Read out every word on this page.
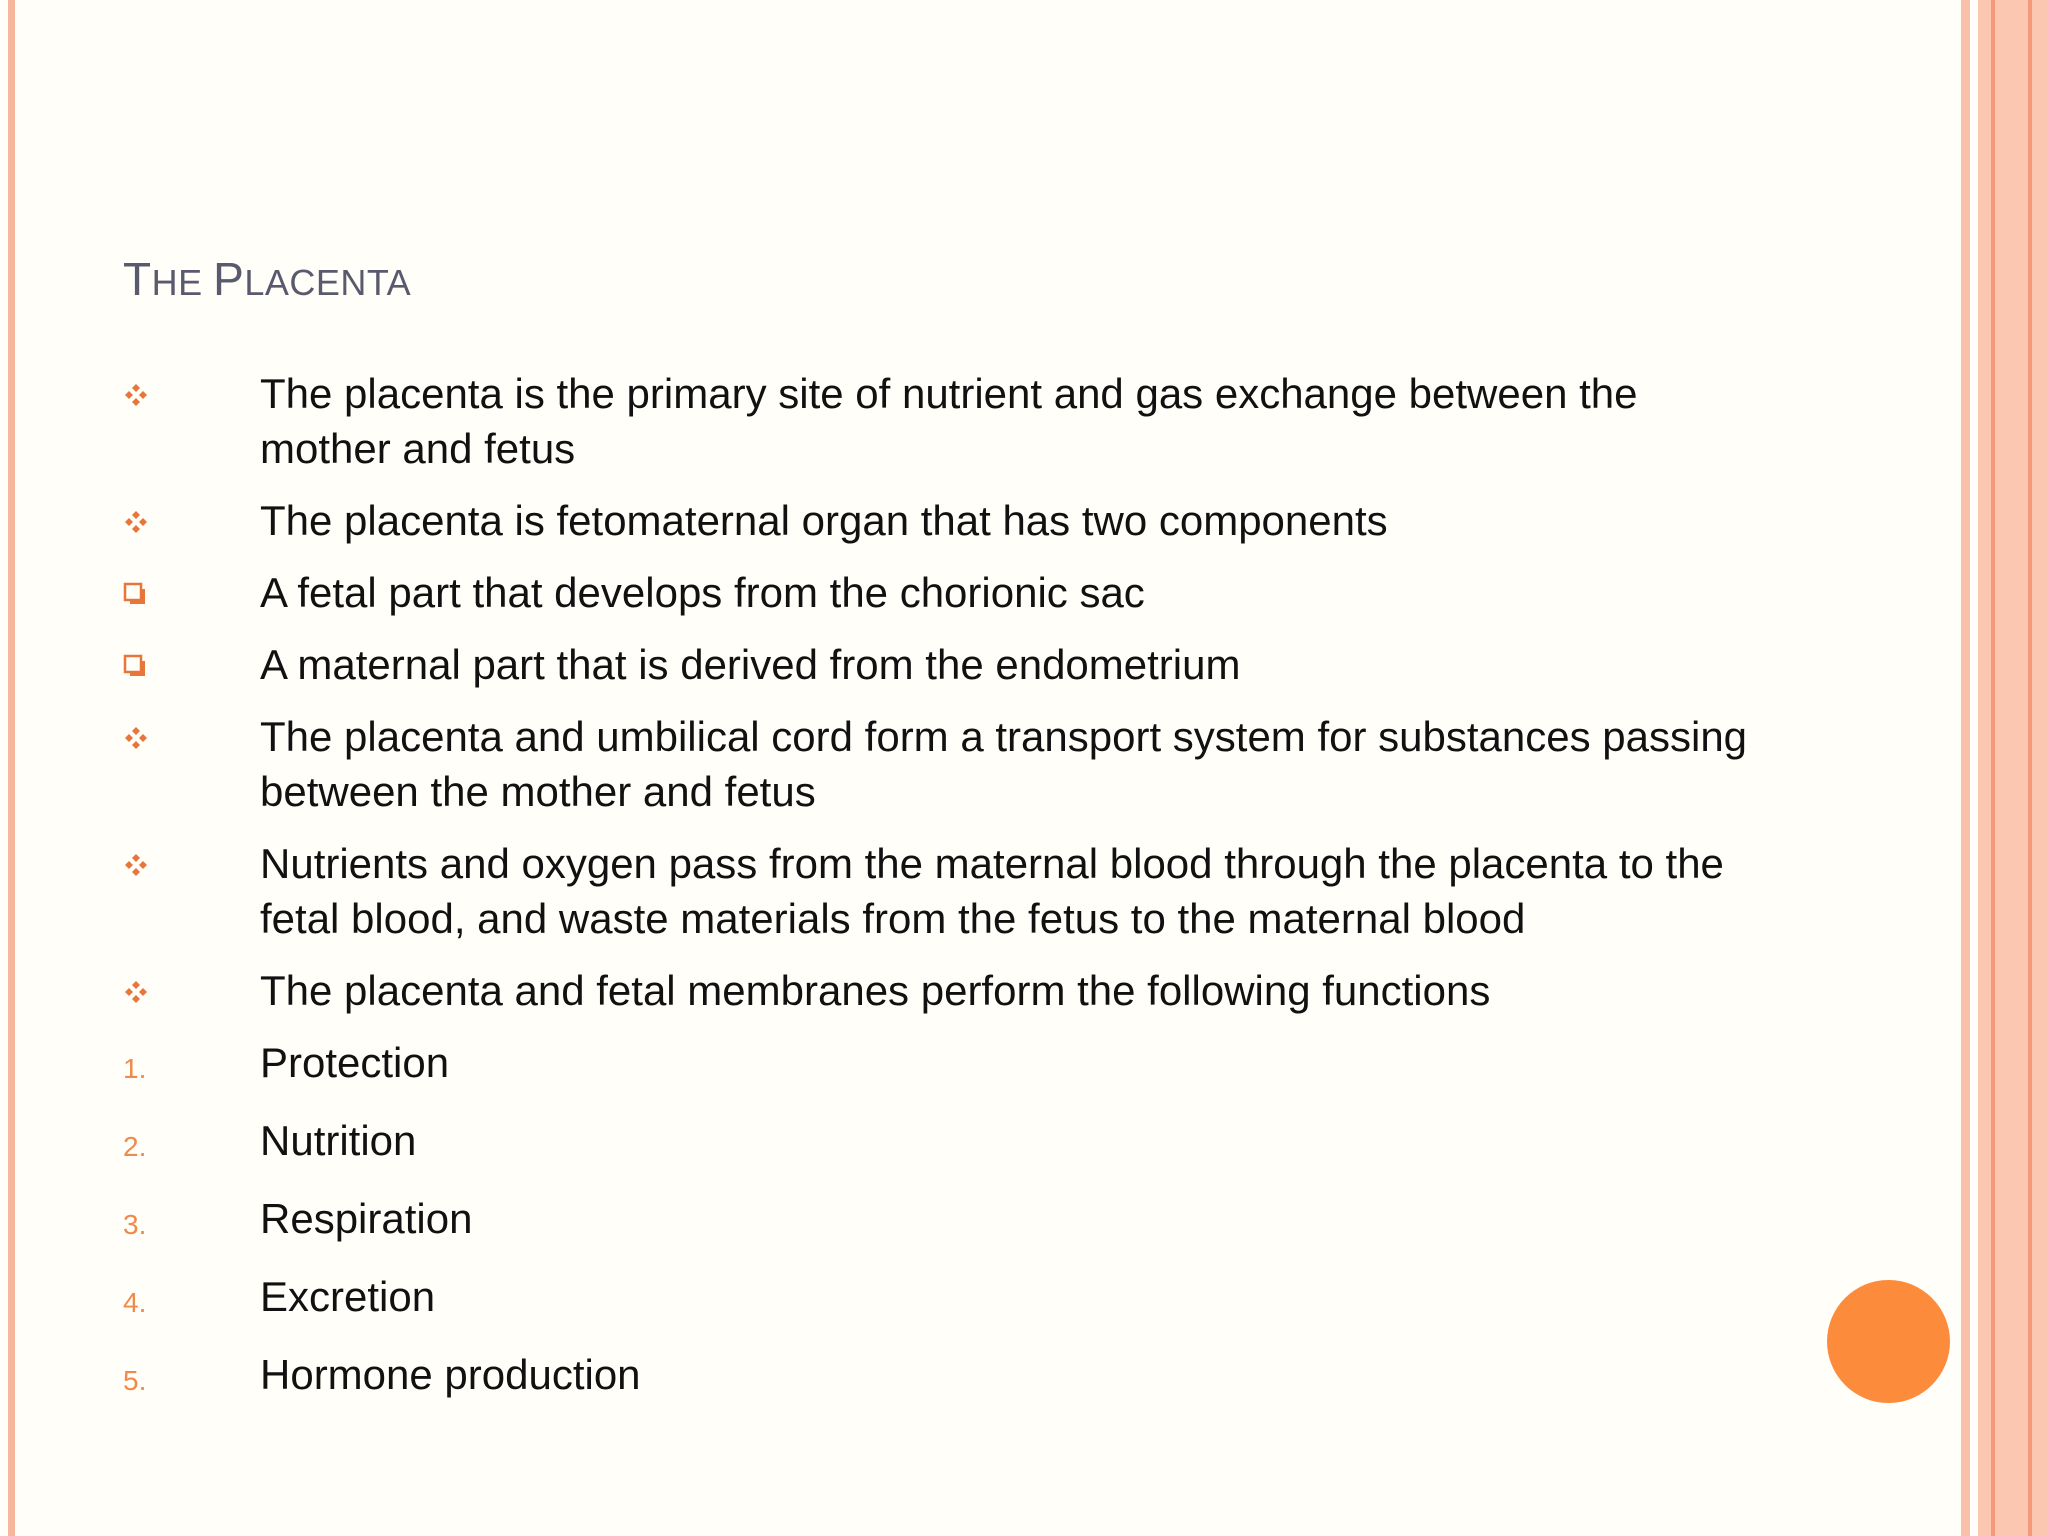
THE PLACENTA
The placenta is the primary site of nutrient and gas exchange between the mother and fetus
The placenta is fetomaternal organ that has two components
A fetal part that develops from the chorionic sac
A maternal part that is derived from the endometrium
The placenta and umbilical cord form a transport system for substances passing between the mother and fetus
Nutrients and oxygen pass from the maternal blood through the placenta to the fetal blood, and waste materials from the fetus to the maternal blood
The placenta and fetal membranes perform the following functions
1.	Protection
2.	Nutrition
3.	Respiration
4.	Excretion
5.	Hormone production
